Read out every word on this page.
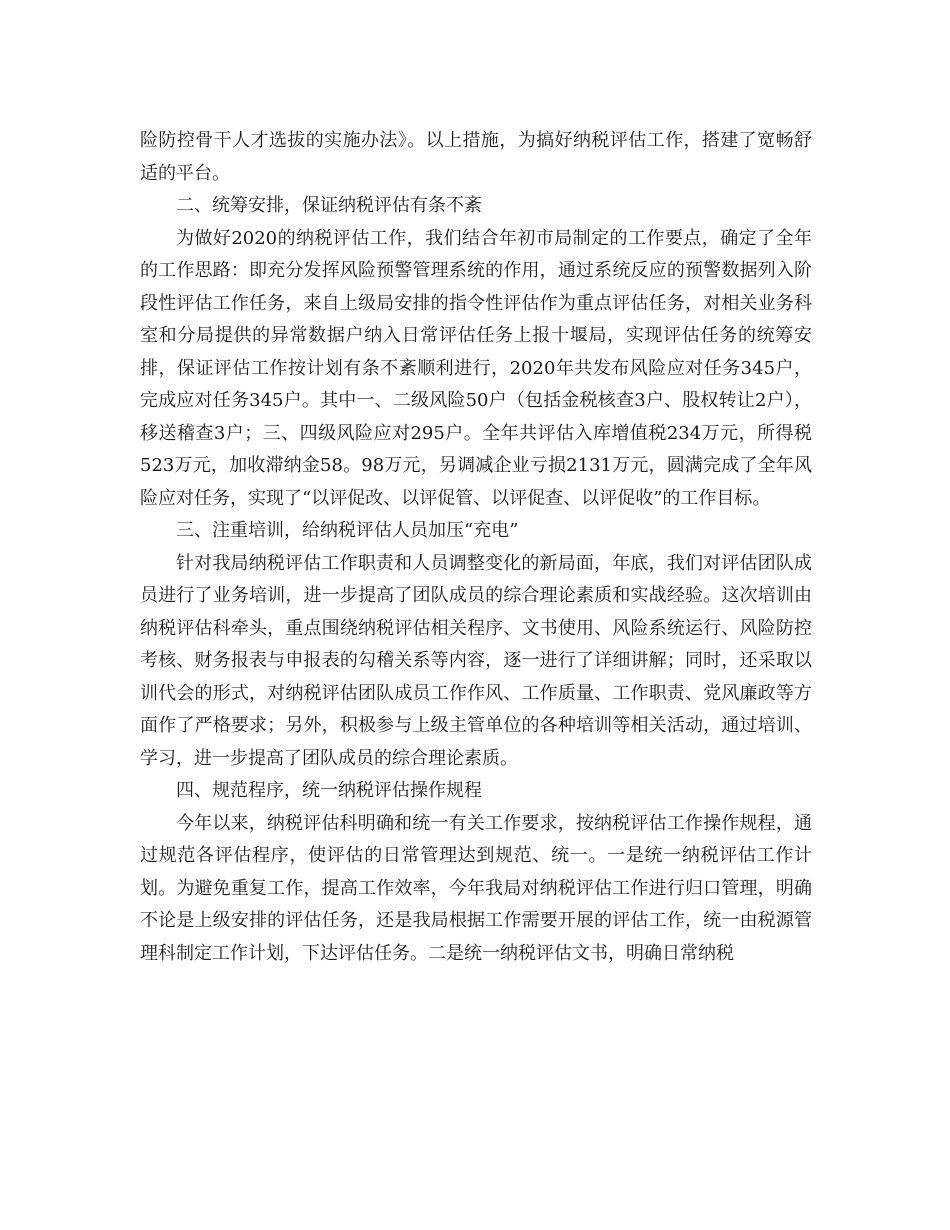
险防控骨干人才选拔的实施办法》。以上措施，为搞好纳税评估工作，搭建了宽畅舒适的平台。

二、统筹安排，保证纳税评估有条不紊

为做好2020的纳税评估工作，我们结合年初市局制定的工作要点，确定了全年的工作思路：即充分发挥风险预警管理系统的作用，通过系统反应的预警数据列入阶段性评估工作任务，来自上级局安排的指令性评估作为重点评估任务，对相关业务科室和分局提供的异常数据户纳入日常评估任务上报十堰局，实现评估任务的统筹安排，保证评估工作按计划有条不紊顺利进行，2020年共发布风险应对任务345户，完成应对任务345户。其中一、二级风险50户（包括金税核查3户、股权转让2户），移送稽查3户；三、四级风险应对295户。全年共评估入库增值税234万元，所得税523万元，加收滞纳金58。98万元，另调减企业亏损2131万元，圆满完成了全年风险应对任务，实现了“以评促改、以评促管、以评促查、以评促收”的工作目标。

三、注重培训，给纳税评估人员加压“充电”

针对我局纳税评估工作职责和人员调整变化的新局面，年底，我们对评估团队成员进行了业务培训，进一步提高了团队成员的综合理论素质和实战经验。这次培训由纳税评估科牵头，重点围绕纳税评估相关程序、文书使用、风险系统运行、风险防控考核、财务报表与申报表的勾稽关系等内容，逐一进行了详细讲解；同时，还采取以训代会的形式，对纳税评估团队成员工作作风、工作质量、工作职责、党风廉政等方面作了严格要求；另外，积极参与上级主管单位的各种培训等相关活动，通过培训、学习，进一步提高了团队成员的综合理论素质。

四、规范程序，统一纳税评估操作规程

今年以来，纳税评估科明确和统一有关工作要求，按纳税评估工作操作规程，通过规范各评估程序，使评估的日常管理达到规范、统一。一是统一纳税评估工作计划。为避免重复工作，提高工作效率，今年我局对纳税评估工作进行归口管理，明确不论是上级安排的评估任务，还是我局根据工作需要开展的评估工作，统一由税源管理科制定工作计划，下达评估任务。二是统一纳税评估文书，明确日常纳税
